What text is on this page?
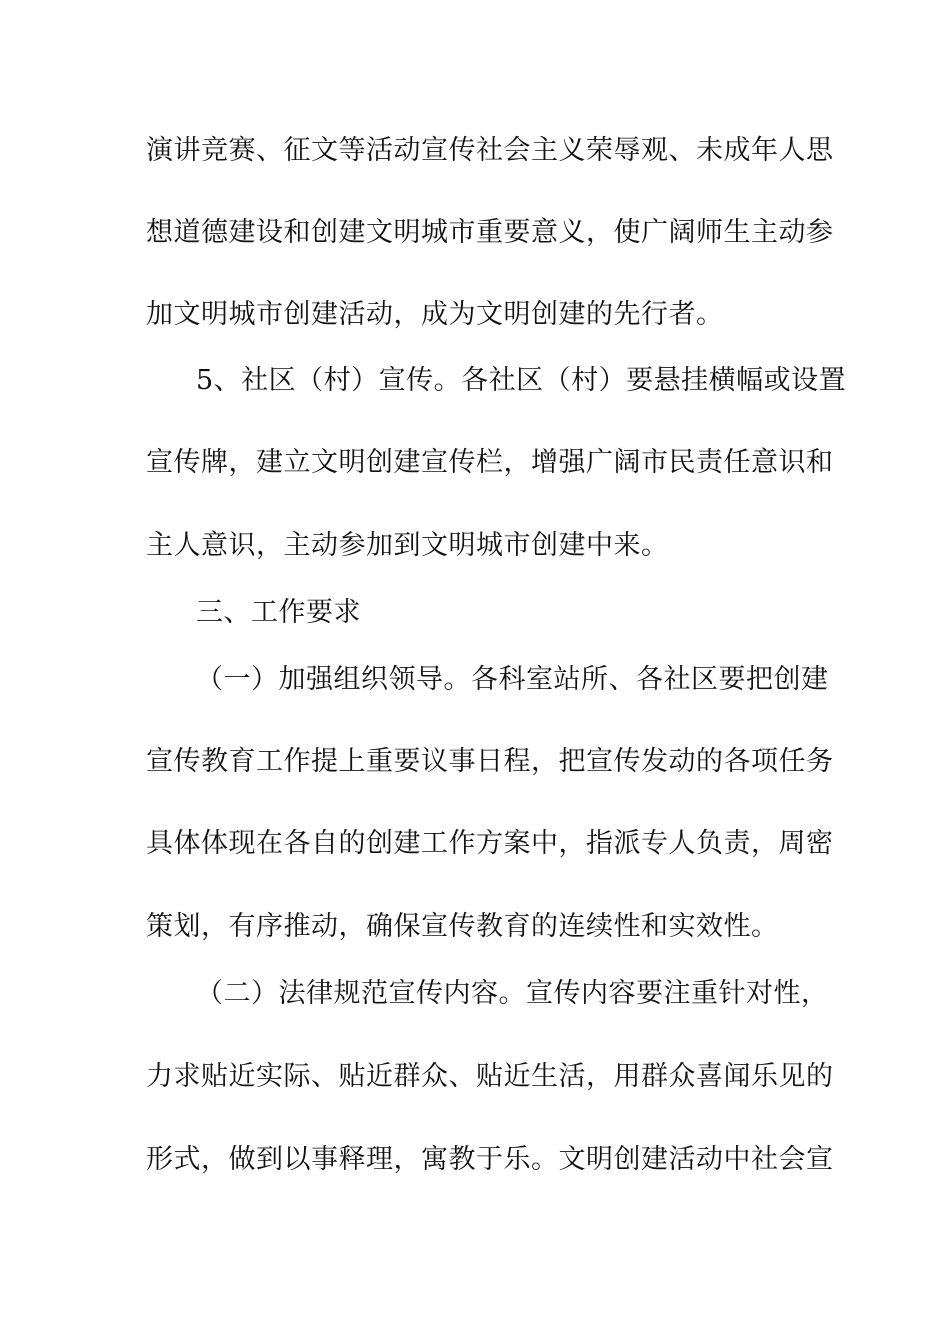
演讲竞赛、征文等活动宣传社会主义荣辱观、未成年人思
想道德建设和创建文明城市重要意义，使广阔师生主动参
加文明城市创建活动，成为文明创建的先行者。
5、社区（村）宣传。各社区（村）要悬挂横幅或设置
宣传牌，建立文明创建宣传栏，增强广阔市民责任意识和
主人意识，主动参加到文明城市创建中来。
三、工作要求
（一）加强组织领导。各科室站所、各社区要把创建
宣传教育工作提上重要议事日程，把宣传发动的各项任务
具体体现在各自的创建工作方案中，指派专人负责，周密
策划，有序推动，确保宣传教育的连续性和实效性。
（二）法律规范宣传内容。宣传内容要注重针对性，
力求贴近实际、贴近群众、贴近生活，用群众喜闻乐见的
形式，做到以事释理，寓教于乐。文明创建活动中社会宣
